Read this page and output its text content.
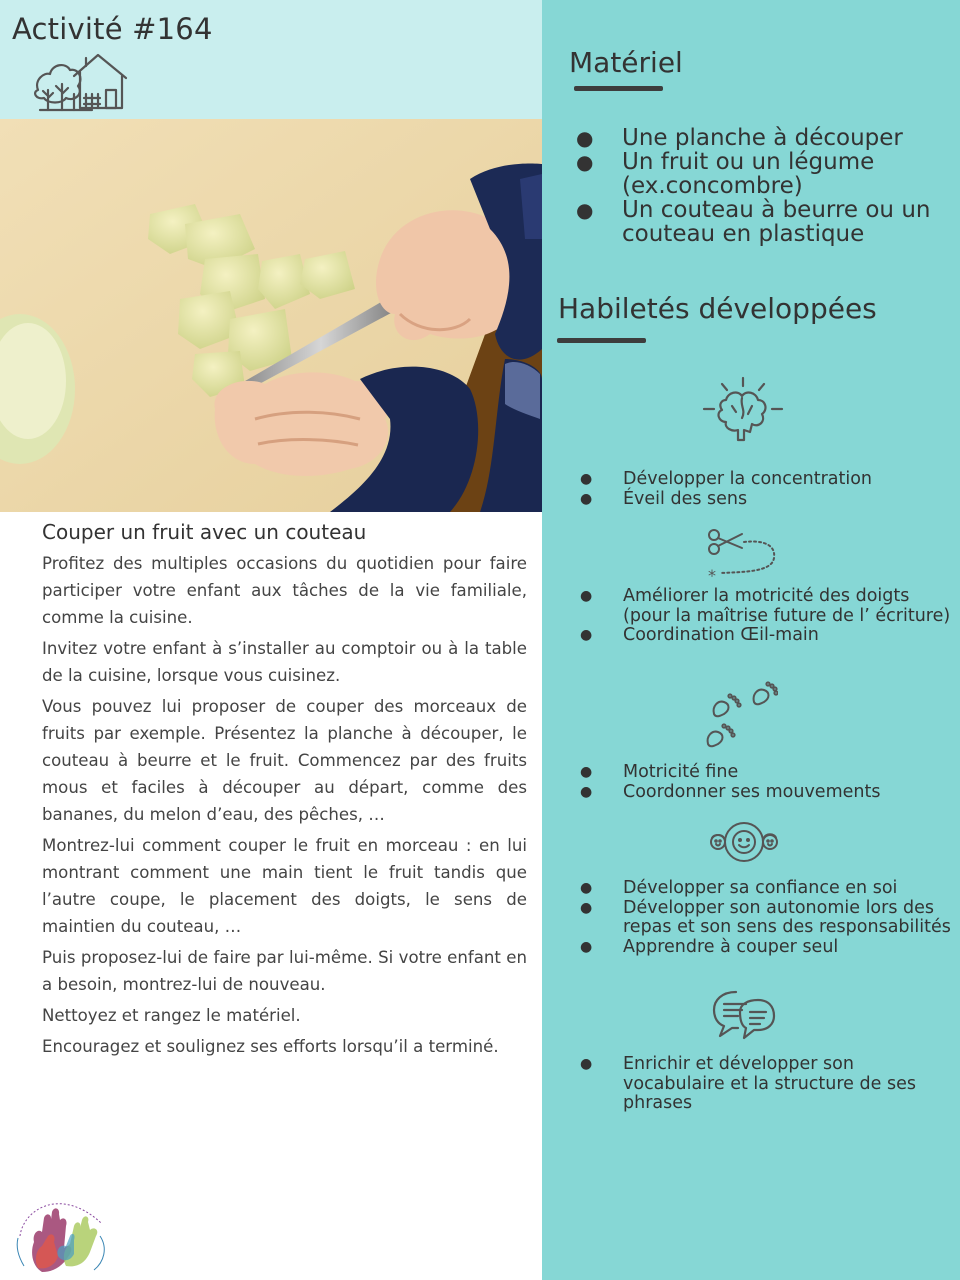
Activité #164
Couper un fruit avec un couteau

Profitez des multiples occasions du quotidien pour faire participer votre enfant aux tâches de la vie familiale, comme la cuisine.

Invitez votre enfant à s’installer au comptoir ou à la table de la cuisine, lorsque vous cuisinez.

Vous pouvez lui proposer de couper des morceaux de fruits par exemple. Présentez la planche à découper, le couteau à beurre et le fruit. Commencez par des fruits mous et faciles à découper au départ, comme des bananes, du melon d’eau, des pêches, …

Montrez-lui comment couper le fruit en morceau : en lui montrant comment une main tient le fruit tandis que l’autre coupe, le placement des doigts, le sens de maintien du couteau, …

Puis proposez-lui de faire par lui-même. Si votre enfant en a besoin, montrez-lui de nouveau.

Nettoyez et rangez le matériel.

Encouragez et soulignez ses efforts lorsqu’il a terminé.

Matériel
● Une planche à découper
● Un fruit ou un légume (ex.concombre)
● Un couteau à beurre ou un couteau en plastique
Habiletés développées
● Développer la concentration
● Éveil des sens
*
● Améliorer la motricité des doigts (pour la maîtrise future de l’ écriture)
● Coordination Œil-main
● Motricité fine
● Coordonner ses mouvements
● Développer sa confiance en soi
● Développer son autonomie lors des repas et son sens des responsabilités
● Apprendre à couper seul
● Enrichir et développer son vocabulaire et la structure de ses phrases
